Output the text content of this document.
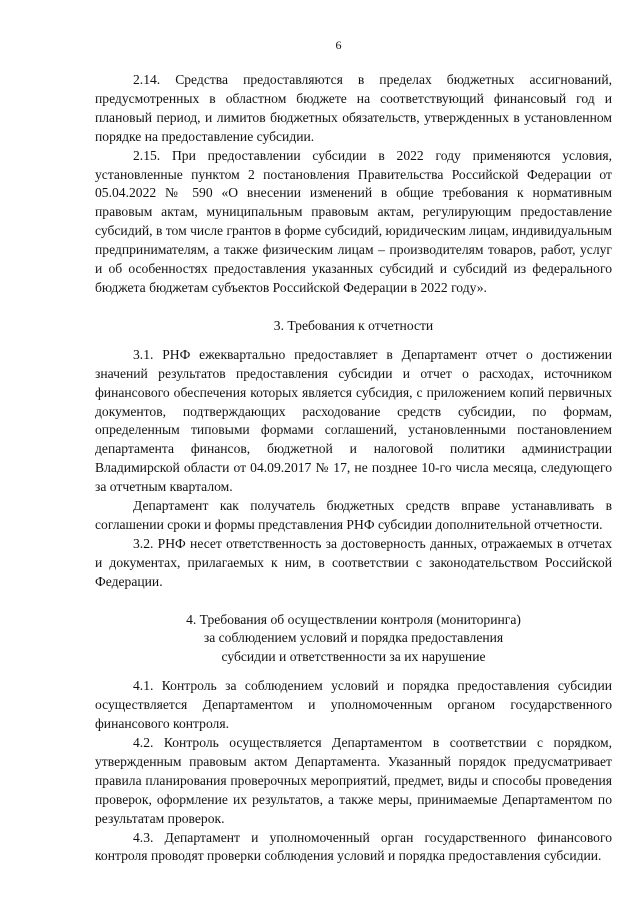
6

2.14. Средства предоставляются в пределах бюджетных ассигнований, предусмотренных в областном бюджете на соответствующий финансовый год и плановый период, и лимитов бюджетных обязательств, утвержденных в установленном порядке на предоставление субсидии.

2.15. При предоставлении субсидии в 2022 году применяются условия, установленные пунктом 2 постановления Правительства Российской Федерации от 05.04.2022 № 590 «О внесении изменений в общие требования к нормативным правовым актам, муниципальным правовым актам, регулирующим предоставление субсидий, в том числе грантов в форме субсидий, юридическим лицам, индивидуальным предпринимателям, а также физическим лицам – производителям товаров, работ, услуг и об особенностях предоставления указанных субсидий и субсидий из федерального бюджета бюджетам субъектов Российской Федерации в 2022 году».

3. Требования к отчетности

3.1. РНФ ежеквартально предоставляет в Департамент отчет о достижении значений результатов предоставления субсидии и отчет о расходах, источником финансового обеспечения которых является субсидия, с приложением копий первичных документов, подтверждающих расходование средств субсидии, по формам, определенным типовыми формами соглашений, установленными постановлением департамента финансов, бюджетной и налоговой политики администрации Владимирской области от 04.09.2017 № 17, не позднее 10-го числа месяца, следующего за отчетным кварталом.

Департамент как получатель бюджетных средств вправе устанавливать в соглашении сроки и формы представления РНФ субсидии дополнительной отчетности.

3.2. РНФ несет ответственность за достоверность данных, отражаемых в отчетах и документах, прилагаемых к ним, в соответствии с законодательством Российской Федерации.

4. Требования об осуществлении контроля (мониторинга)

за соблюдением условий и порядка предоставления

субсидии и ответственности за их нарушение

4.1. Контроль за соблюдением условий и порядка предоставления субсидии осуществляется Департаментом и уполномоченным органом государственного финансового контроля.

4.2. Контроль осуществляется Департаментом в соответствии с порядком, утвержденным правовым актом Департамента. Указанный порядок предусматривает правила планирования проверочных мероприятий, предмет, виды и способы проведения проверок, оформление их результатов, а также меры, принимаемые Департаментом по результатам проверок.

4.3. Департамент и уполномоченный орган государственного финансового контроля проводят проверки соблюдения условий и порядка предоставления субсидии.
